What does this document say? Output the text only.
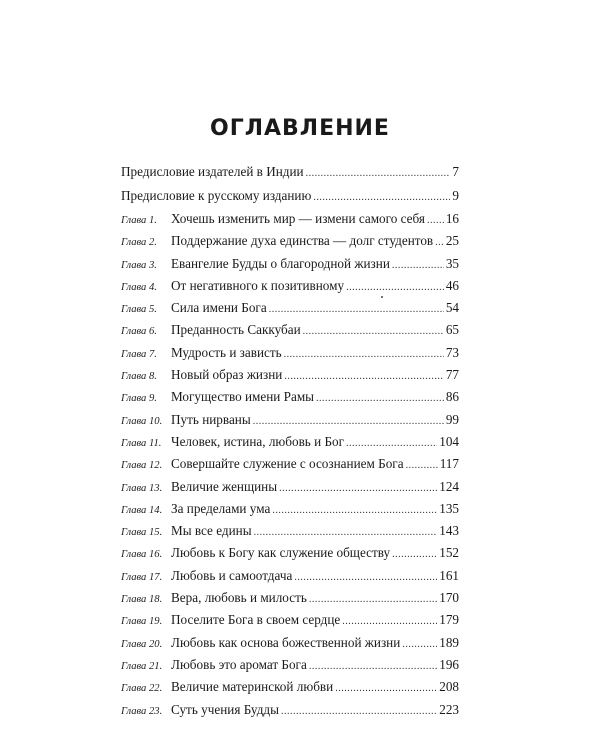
ОГЛАВЛЕНИЕ
Предисловие издателей в Индии .....	7
Предисловие к русскому изданию .....	9
Глава 1.	Хочешь изменить мир — измени самого себя ..... 16
Глава 2.	Поддержание духа единства — долг студентов ..... 25
Глава 3.	Евангелие Будды о благородной жизни .....	35
Глава 4.	От негативного к позитивному .....	46
Глава 5.	Сила имени Бога .....	54
Глава 6.	Преданность Саккубаи .....	65
Глава 7.	Мудрость и зависть .....	73
Глава 8.	Новый образ жизни .....	77
Глава 9.	Могущество имени Рамы .....	86
Глава 10. Путь нирваны .....	99
Глава 11. Человек, истина, любовь и Бог .....	104
Глава 12. Совершайте служение с осознанием Бога .....	117
Глава 13. Величие женщины .....	124
Глава 14. За пределами ума .....	135
Глава 15. Мы все едины .....	143
Глава 16. Любовь к Богу как служение обществу .....	152
Глава 17. Любовь и самоотдача .....	161
Глава 18. Вера, любовь и милость .....	170
Глава 19. Поселите Бога в своем сердце .....	179
Глава 20. Любовь как основа божественной жизни .....	189
Глава 21. Любовь это аромат Бога .....	196
Глава 22. Величие материнской любви .....	208
Глава 23. Суть учения Будды .....	223
